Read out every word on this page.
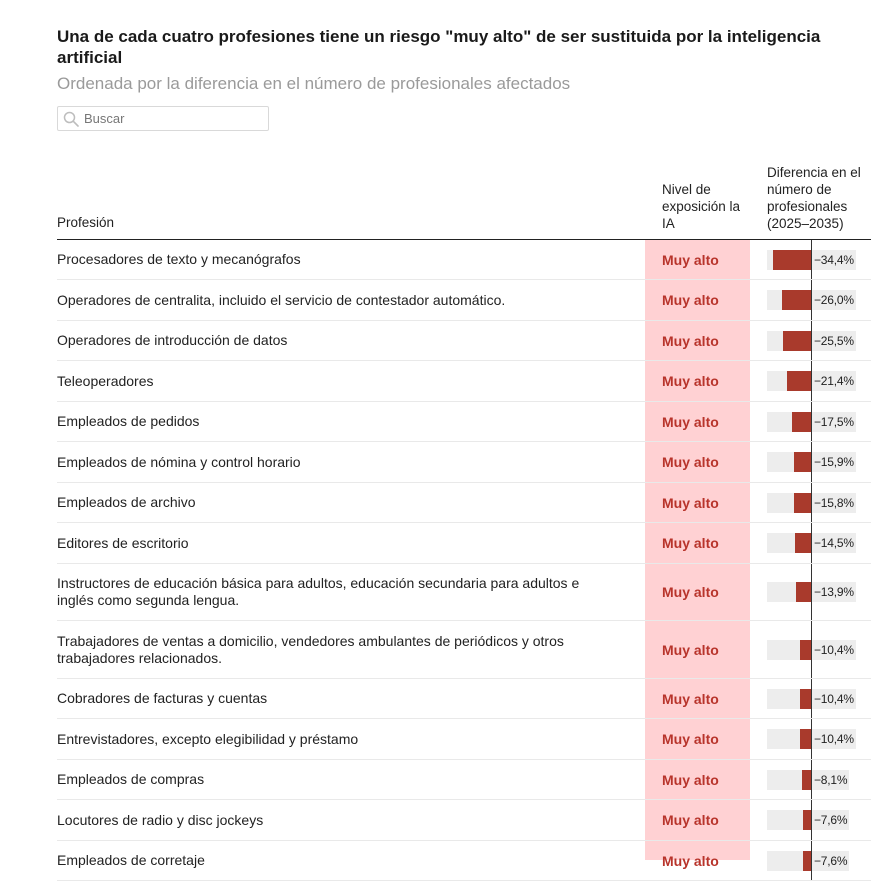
Una de cada cuatro profesiones tiene un riesgo "muy alto" de ser sustituida por la inteligencia artificial
Ordenada por la diferencia en el número de profesionales afectados
Buscar
Profesión
Nivel de exposición la IA
Diferencia en el número de profesionales (2025–2035)
Procesadores de texto y mecanógrafos	Muy alto	−34,4%

Operadores de centralita, incluido el servicio de contestador automático.	Muy alto	−26,0%

Operadores de introducción de datos	Muy alto	−25,5%

Teleoperadores	Muy alto	−21,4%

Empleados de pedidos	Muy alto	−17,5%

Empleados de nómina y control horario	Muy alto	−15,9%

Empleados de archivo	Muy alto	−15,8%

Editores de escritorio	Muy alto	−14,5%

Instructores de educación básica para adultos, educación secundaria para adultos e inglés como segunda lengua.	Muy alto	−13,9%

Trabajadores de ventas a domicilio, vendedores ambulantes de periódicos y otros trabajadores relacionados.	Muy alto	−10,4%

Cobradores de facturas y cuentas	Muy alto	−10,4%

Entrevistadores, excepto elegibilidad y préstamo	Muy alto	−10,4%

Empleados de compras	Muy alto	−8,1%

Locutores de radio y disc jockeys	Muy alto	−7,6%

Empleados de corretaje	Muy alto	−7,6%
